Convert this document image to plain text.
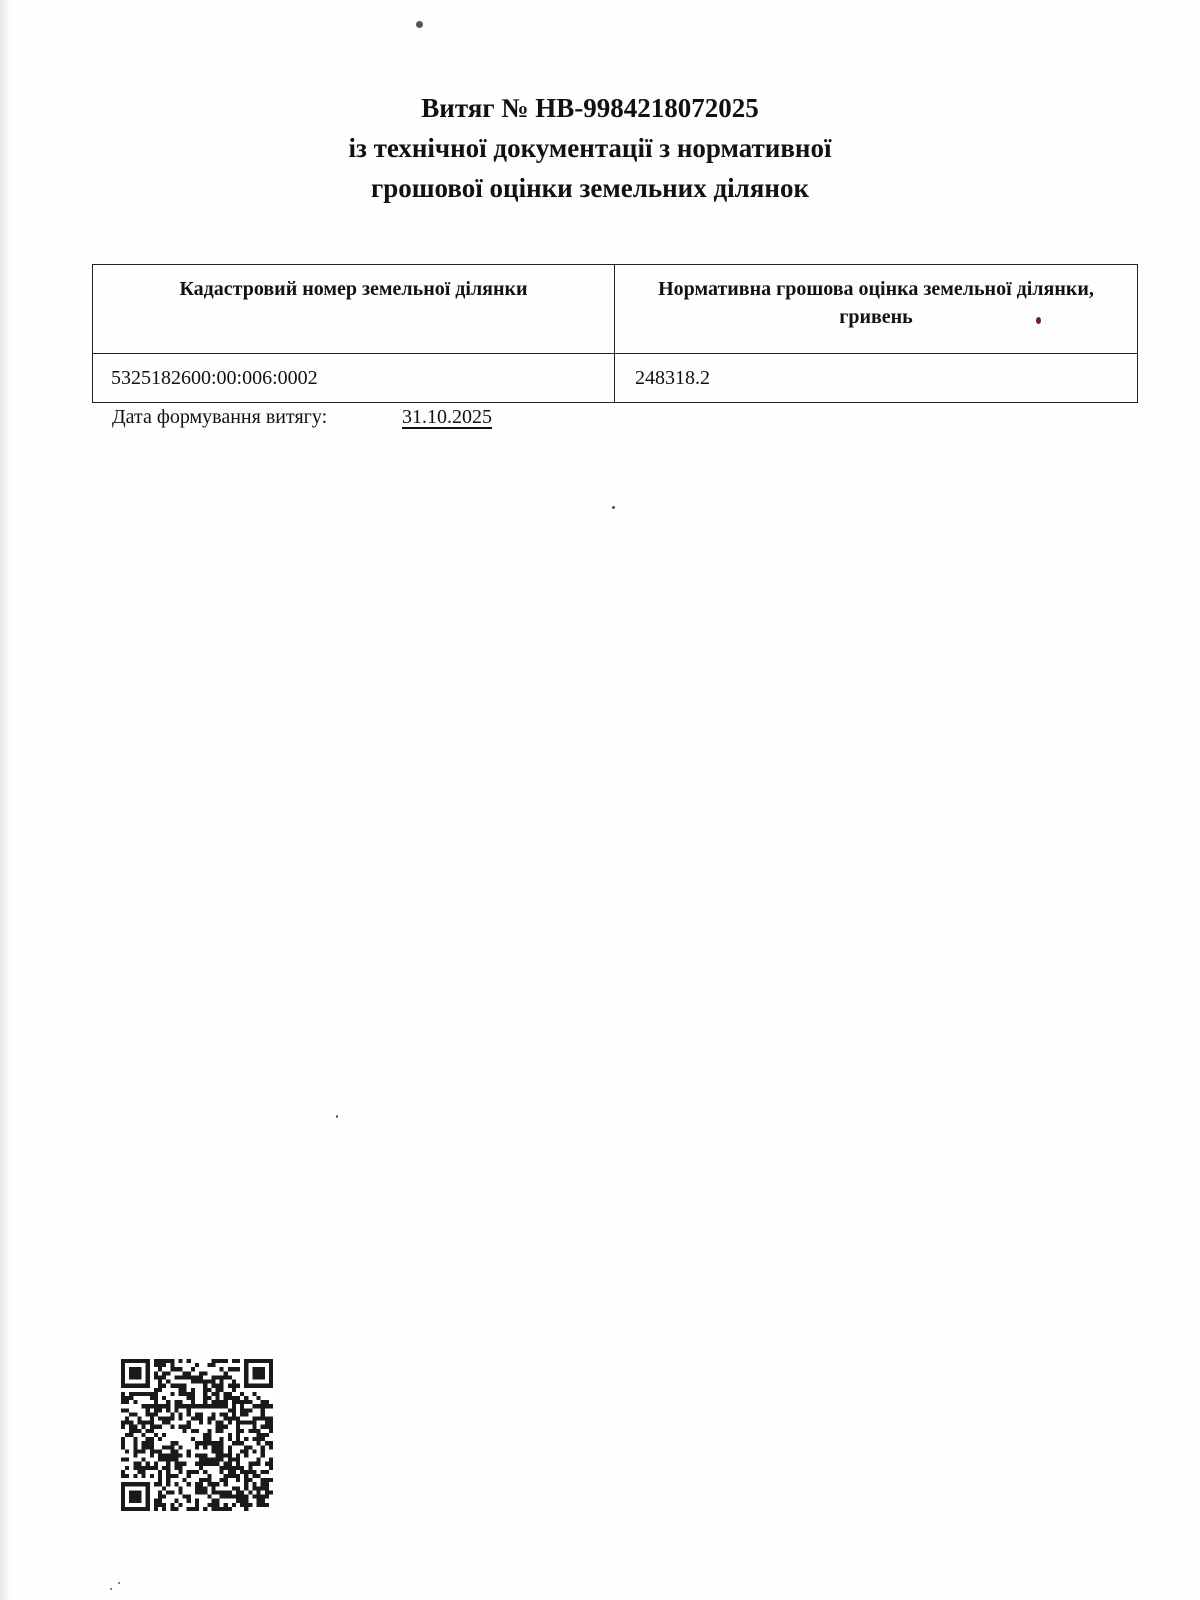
Витяг № НВ-9984218072025
із технічної документації з нормативної
грошової оцінки земельних ділянок
Кадастровий номер земельної ділянки	Нормативна грошова оцінка земельної ділянки, гривень
5325182600:00:006:0002	248318.2
Дата формування витягу:	31.10.2025
